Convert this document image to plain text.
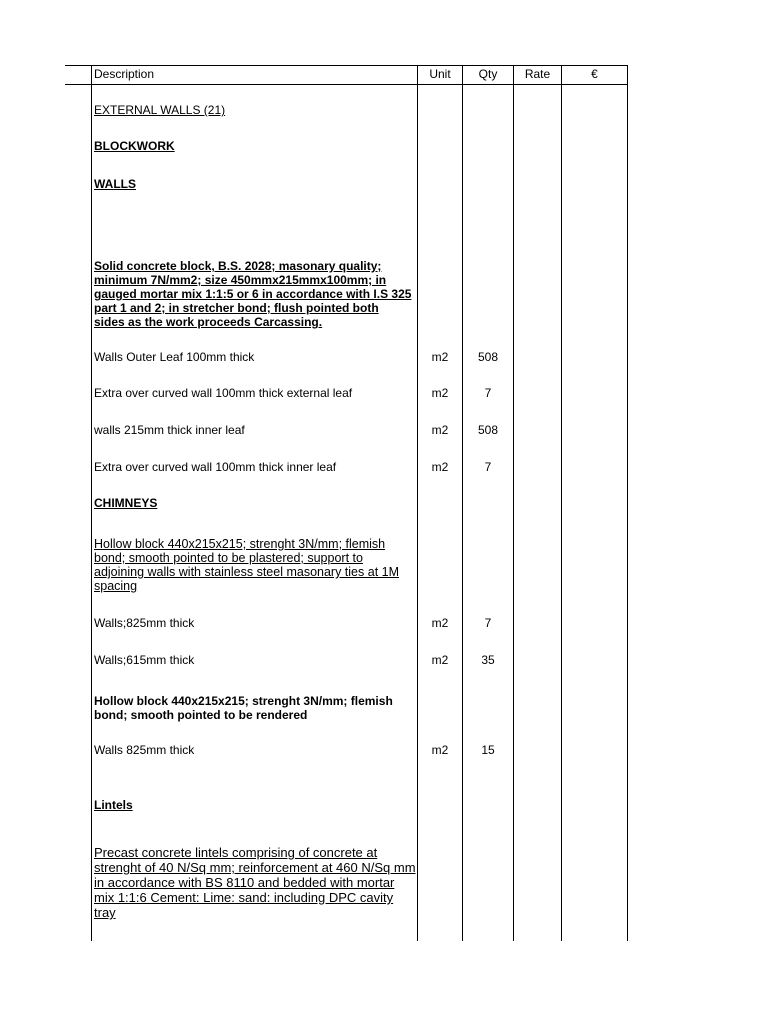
Description	Unit	Qty	Rate	€
EXTERNAL WALLS (21)
BLOCKWORK
WALLS
Solid concrete block, B.S. 2028; masonary quality; minimum 7N/mm2; size 450mmx215mmx100mm; in gauged mortar mix 1:1:5 or 6 in accordance with I.S 325 part 1 and 2; in stretcher bond; flush pointed both sides as the work proceeds Carcassing.
Walls Outer Leaf 100mm thick	m2	508
Extra over curved wall 100mm thick external leaf	m2	7
walls 215mm thick inner leaf	m2	508
Extra over curved wall 100mm thick inner leaf	m2	7
CHIMNEYS
Hollow block 440x215x215; strenght 3N/mm; flemish bond; smooth pointed to be plastered; support to adjoining walls with stainless steel masonary ties at 1M spacing
Walls;825mm thick	m2	7
Walls;615mm thick	m2	35
Hollow block 440x215x215; strenght 3N/mm; flemish bond; smooth pointed to be rendered
Walls 825mm thick	m2	15
Lintels
Precast concrete lintels comprising of concrete at strenght of 40 N/Sq mm; reinforcement at 460 N/Sq mm in accordance with BS 8110 and bedded with mortar mix 1:1:6 Cement: Lime: sand: including DPC cavity tray
